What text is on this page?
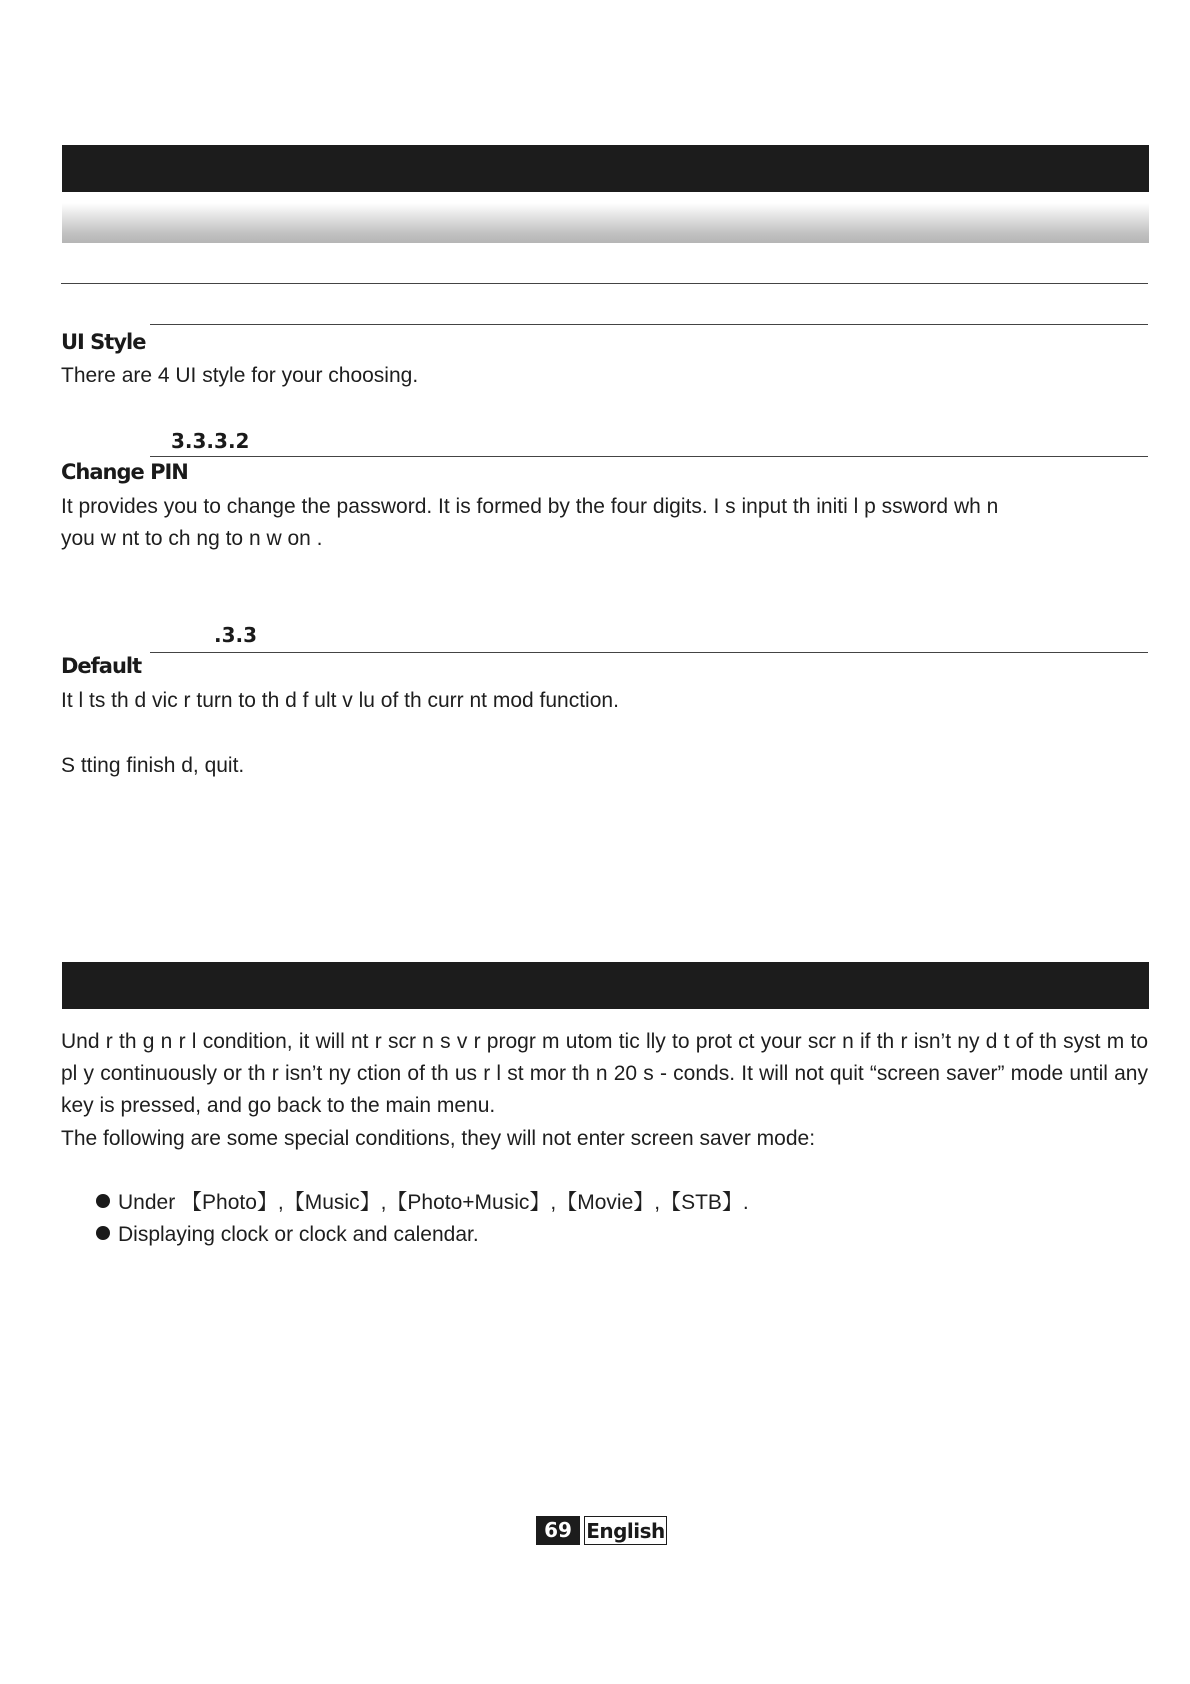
UI Style
There are 4 UI style for your choosing.
3.3.3.2
Change PIN
It provides you to change the password. It is formed by the four digits. I s input th initi l p ssword wh n
you w nt to ch ng to n w on .
.3.3
Default
It l ts th d vic r turn to th d f ult v lu of th curr nt mod function.
S tting finish d, quit.
Und r th g n r l condition, it will nt r scr n s v r progr m utom tic lly to prot ct your scr n if th r isn’t ny d t of th syst m to pl y continuously or th r isn’t ny ction of th us r l st mor th n 20 s - conds. It will not quit “screen saver” mode until any key is pressed, and go back to the main menu.
The following are some special conditions, they will not enter screen saver mode:
Under 【Photo】,【Music】,【Photo+Music】,【Movie】,【STB】.
Displaying clock or clock and calendar.
69 English
